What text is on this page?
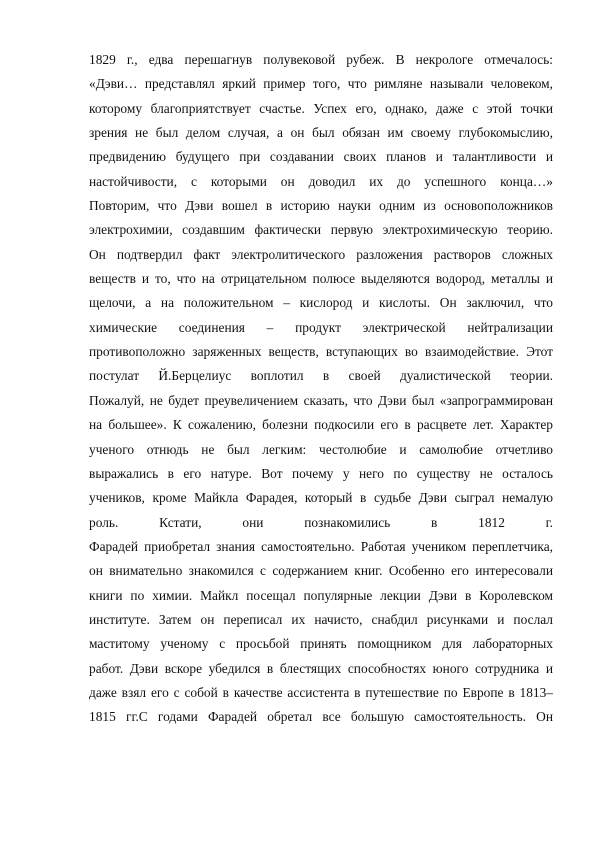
1829 г., едва перешагнув полувековой рубеж. В некрологе отмечалось:
«Дэви… представлял яркий пример того, что римляне называли человеком,
которому благоприятствует счастье. Успех его, однако, даже с этой точки
зрения не был делом случая, а он был обязан им своему глубокомыслию,
предвидению будущего при создавании своих планов и талантливости и
настойчивости, с которыми он доводил их до успешного конца…»
Повторим, что Дэви вошел в историю науки одним из основоположников
электрохимии, создавшим фактически первую электрохимическую теорию.
Он подтвердил факт электролитического разложения растворов сложных
веществ и то, что на отрицательном полюсе выделяются водород, металлы и
щелочи, а на положительном – кислород и кислоты. Он заключил, что
химические соединения – продукт электрической нейтрализации
противоположно заряженных веществ, вступающих во взаимодействие. Этот
постулат Й.Берцелиус воплотил в своей дуалистической теории.
Пожалуй, не будет преувеличением сказать, что Дэви был «запрограммирован
на большее». К сожалению, болезни подкосили его в расцвете лет. Характер
ученого отнюдь не был легким: честолюбие и самолюбие отчетливо
выражались в его натуре. Вот почему у него по существу не осталось
учеников, кроме Майкла Фарадея, который в судьбе Дэви сыграл немалую
роль. Кстати, они познакомились в 1812 г.
Фарадей приобретал знания самостоятельно. Работая учеником переплетчика,
он внимательно знакомился с содержанием книг. Особенно его интересовали
книги по химии. Майкл посещал популярные лекции Дэви в Королевском
институте. Затем он переписал их начисто, снабдил рисунками и послал
маститому ученому с просьбой принять помощником для лабораторных
работ. Дэви вскоре убедился в блестящих способностях юного сотрудника и
даже взял его с собой в качестве ассистента в путешествие по Европе в 1813–
1815 гг.С годами Фарадей обретал все большую самостоятельность. Он
